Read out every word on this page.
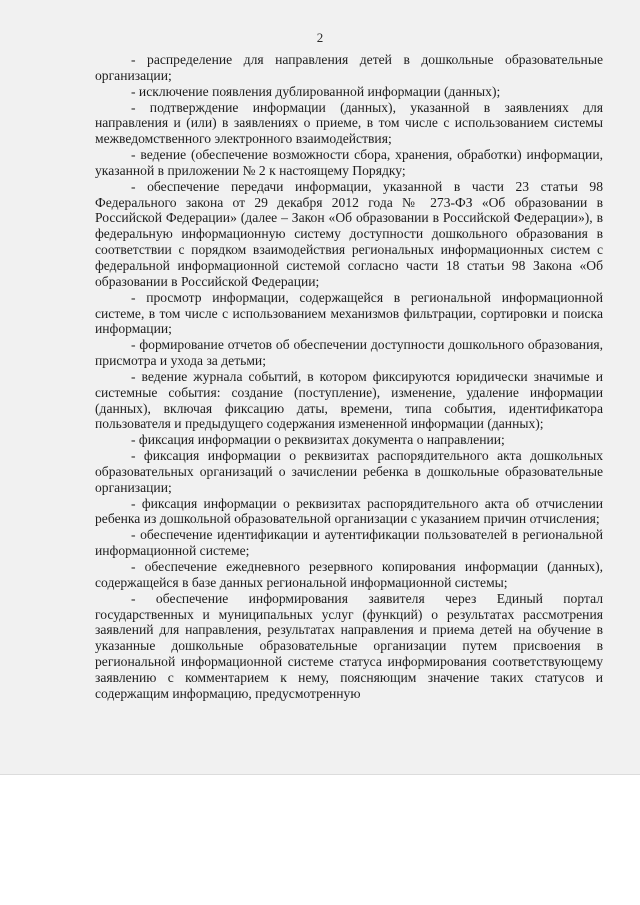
2

- распределение для направления детей в дошкольные образовательные организации;

- исключение появления дублированной информации (данных);

- подтверждение информации (данных), указанной в заявлениях для направления и (или) в заявлениях о приеме, в том числе с использованием системы межведомственного электронного взаимодействия;

- ведение (обеспечение возможности сбора, хранения, обработки) информации, указанной в приложении № 2 к настоящему Порядку;

- обеспечение передачи информации, указанной в части 23 статьи 98 Федерального закона от 29 декабря 2012 года № 273-ФЗ «Об образовании в Российской Федерации» (далее – Закон «Об образовании в Российской Федерации»), в федеральную информационную систему доступности дошкольного образования в соответствии с порядком взаимодействия региональных информационных систем с федеральной информационной системой согласно части 18 статьи 98 Закона «Об образовании в Российской Федерации;

- просмотр информации, содержащейся в региональной информационной системе, в том числе с использованием механизмов фильтрации, сортировки и поиска информации;

- формирование отчетов об обеспечении доступности дошкольного образования, присмотра и ухода за детьми;

- ведение журнала событий, в котором фиксируются юридически значимые и системные события: создание (поступление), изменение, удаление информации (данных), включая фиксацию даты, времени, типа события, идентификатора пользователя и предыдущего содержания измененной информации (данных);

- фиксация информации о реквизитах документа о направлении;

- фиксация информации о реквизитах распорядительного акта дошкольных образовательных организаций о зачислении ребенка в дошкольные образовательные организации;

- фиксация информации о реквизитах распорядительного акта об отчислении ребенка из дошкольной образовательной организации с указанием причин отчисления;

- обеспечение идентификации и аутентификации пользователей в региональной информационной системе;

- обеспечение ежедневного резервного копирования информации (данных), содержащейся в базе данных региональной информационной системы;

- обеспечение информирования заявителя через Единый портал государственных и муниципальных услуг (функций) о результатах рассмотрения заявлений для направления, результатах направления и приема детей на обучение в указанные дошкольные образовательные организации путем присвоения в региональной информационной системе статуса информирования соответствующему заявлению с комментарием к нему, поясняющим значение таких статусов и содержащим информацию, предусмотренную
